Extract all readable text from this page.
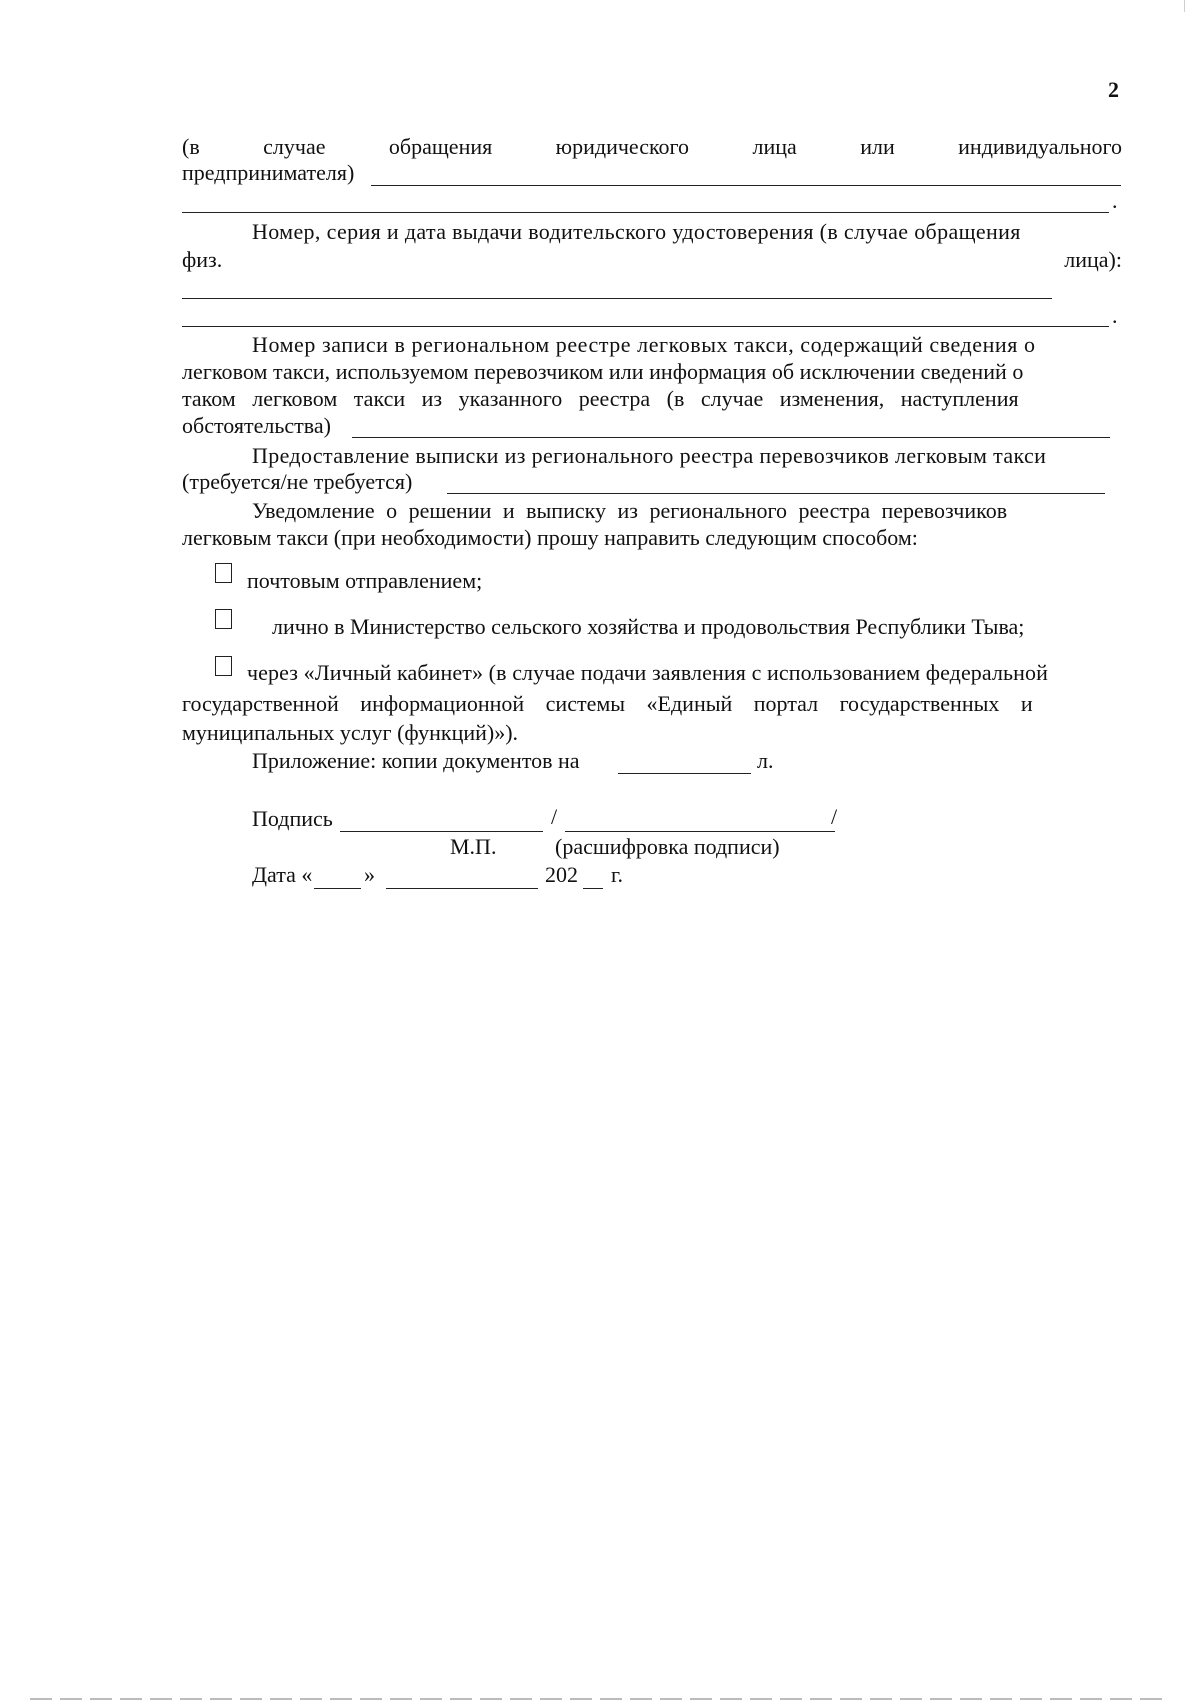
2
(в	случае	обращения	юридического	лица	или	индивидуального
предпринимателя)
.
Номер, серия и дата выдачи водительского удостоверения (в случае обращения
физ.	лица):
.
Номер записи в региональном реестре легковых такси, содержащий сведения о
легковом такси, используемом перевозчиком или информация об исключении сведений о
таком легковом такси из указанного реестра (в случае изменения, наступления
обстоятельства)
Предоставление выписки из регионального реестра перевозчиков легковым такси
(требуется/не требуется)
Уведомление о решении и выписку из регионального реестра перевозчиков
легковым такси (при необходимости) прошу направить следующим способом:
почтовым отправлением;
лично в Министерство сельского хозяйства и продовольствия Республики Тыва;
через «Личный кабинет» (в случае подачи заявления с использованием федеральной
государственной информационной системы «Единый портал государственных и
муниципальных услуг (функций)»).
Приложение: копии документов на	л.
Подпись	/	/
М.П.	(расшифровка подписи)
Дата « »	202 г.
